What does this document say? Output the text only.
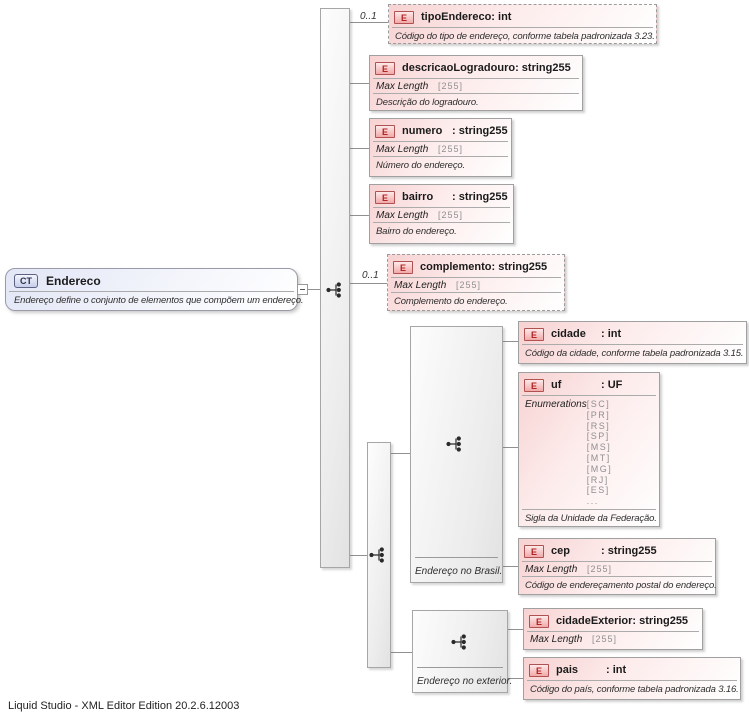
CT	Endereco
Endereço define o conjunto de elementos que compõem um endereço.
0..1
0..1
E	tipoEndereco : int
Código do tipo de endereço, conforme tabela padronizada 3.23.
E	descricaoLogradouro : string255
Max Length	[255]
Descrição do logradouro.
E	numero : string255
Max Length	[255]
Número do endereço.
E	bairro	: string255
Max Length	[255]
Bairro do endereço.
E	complemento : string255
Max Length	[255]
Complemento do endereço.
Endereço no Brasil.
E	cidade	: int
Código da cidade, conforme tabela padronizada 3.15.
E	uf	: UF
Enumerations [SC]
[PR]
[RS]
[SP]
[MS]
[MT]
[MG]
[RJ]
[ES]
...
Sigla da Unidade da Federação.
E	cep	: string255
Max Length	[255]
Código de endereçamento postal do endereço.
Endereço no exterior.
E	cidadeExterior : string255
Max Length	[255]
E	pais	: int
Código do país, conforme tabela padronizada 3.16.
Liquid Studio - XML Editor Edition 20.2.6.12003
